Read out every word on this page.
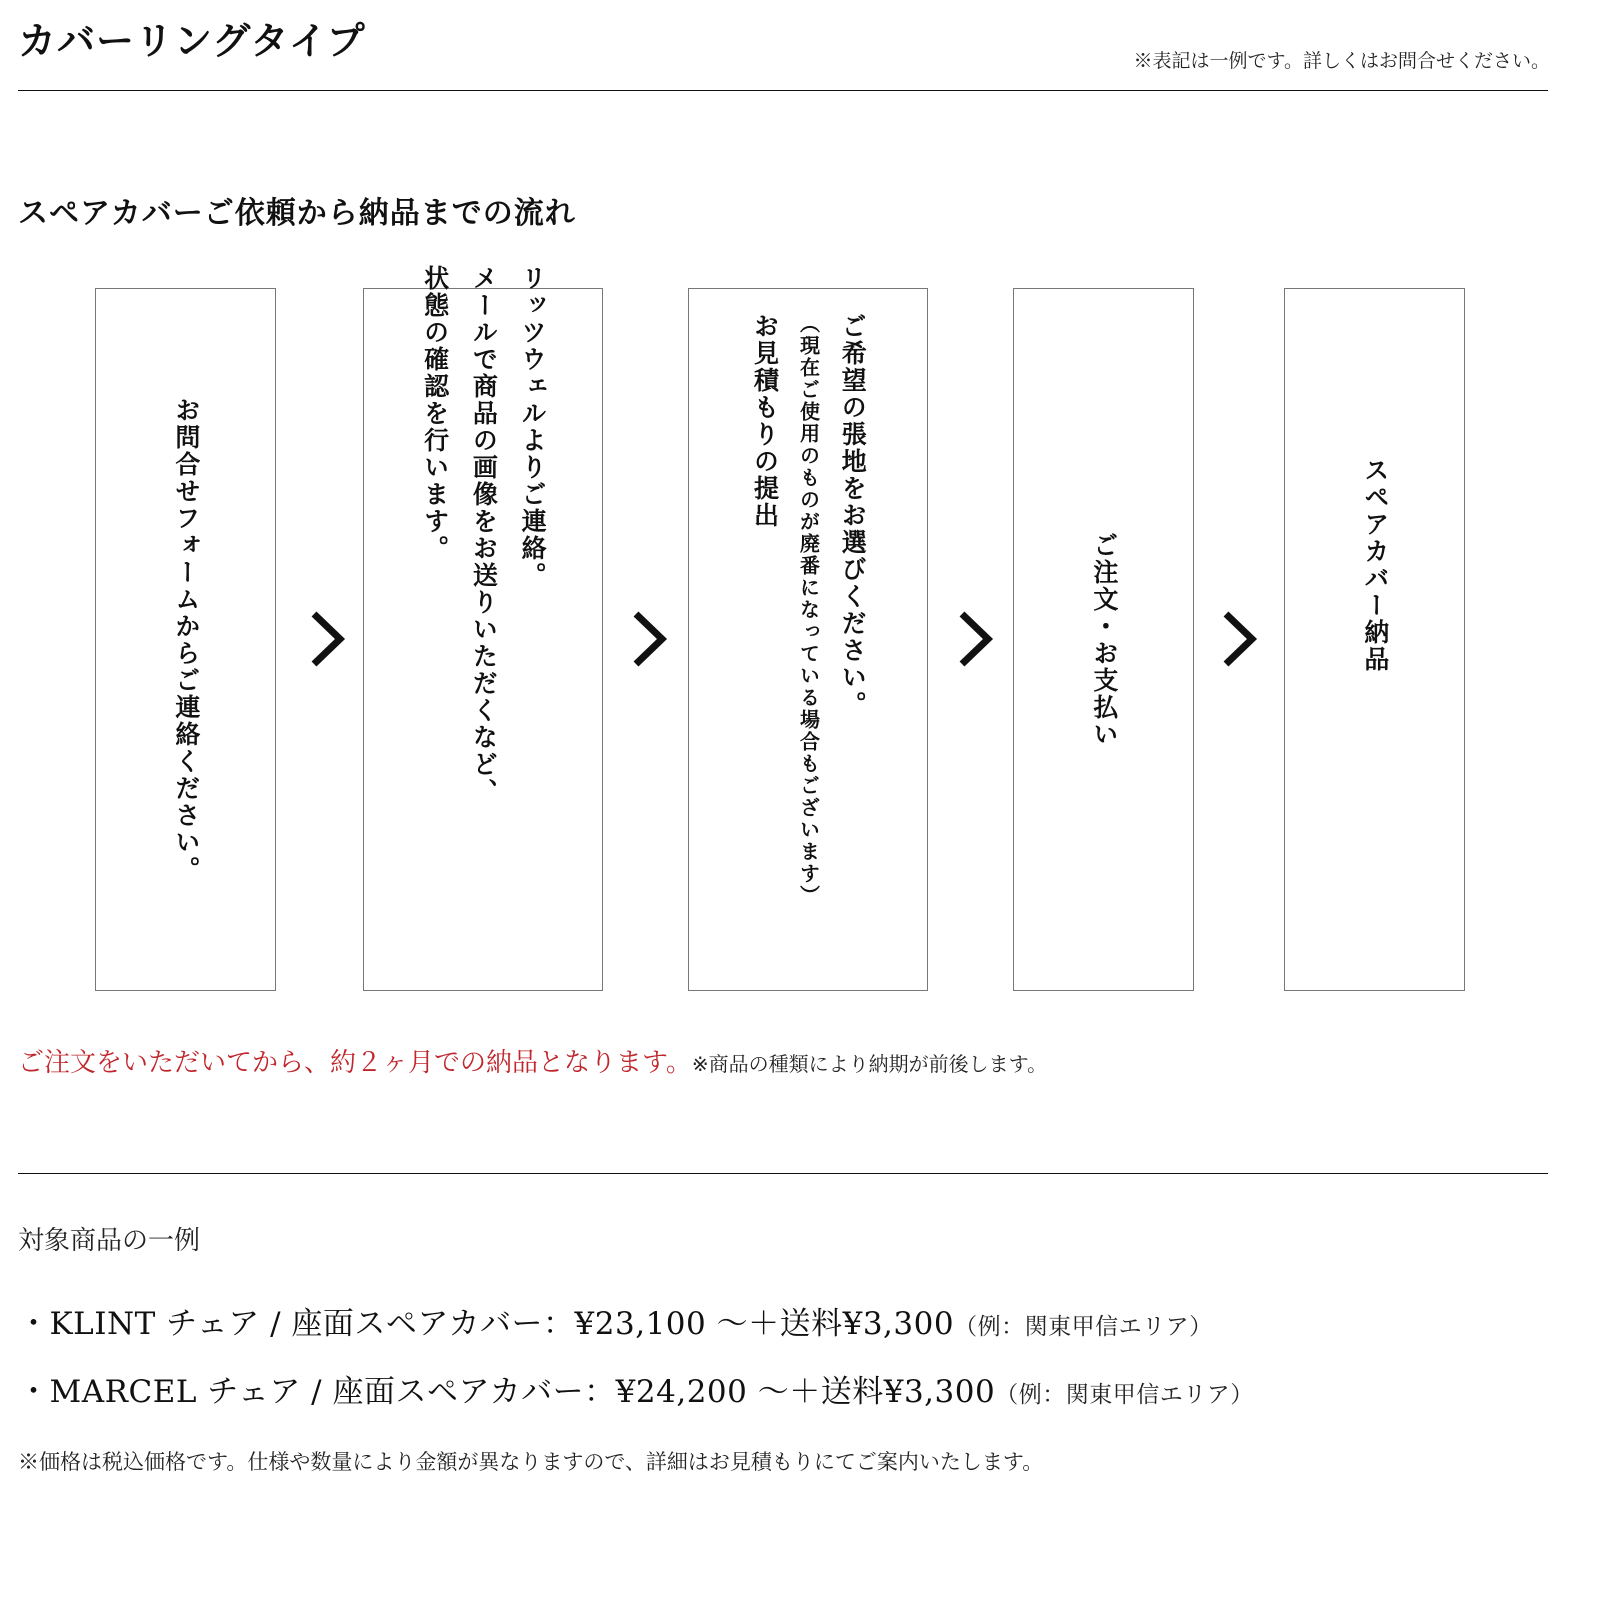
カバーリングタイプ	※表記は一例です。詳しくはお問合せください。
スペアカバーご依頼から納品までの流れ
お問合せフォームからご連絡ください。	リッツウェルよりご連絡。
メールで商品の画像をお送りいただくなど、
状態の確認を行います。	ご希望の張地をお選びください。
（現在ご使用のものが廃番になっている場合もございます）
お見積もりの提出
ご注文・お支払い	スペアカバー納品
ご注文をいただいてから、約２ヶ月での納品となります。※商品の種類により納期が前後します。
対象商品の一例
・KLINT チェア / 座面スペアカバー：¥23,100 ～＋送料¥3,300（例：関東甲信エリア）
・MARCEL チェア / 座面スペアカバー：¥24,200 ～＋送料¥3,300（例：関東甲信エリア）
※価格は税込価格です。仕様や数量により金額が異なりますので、詳細はお見積もりにてご案内いたします。
